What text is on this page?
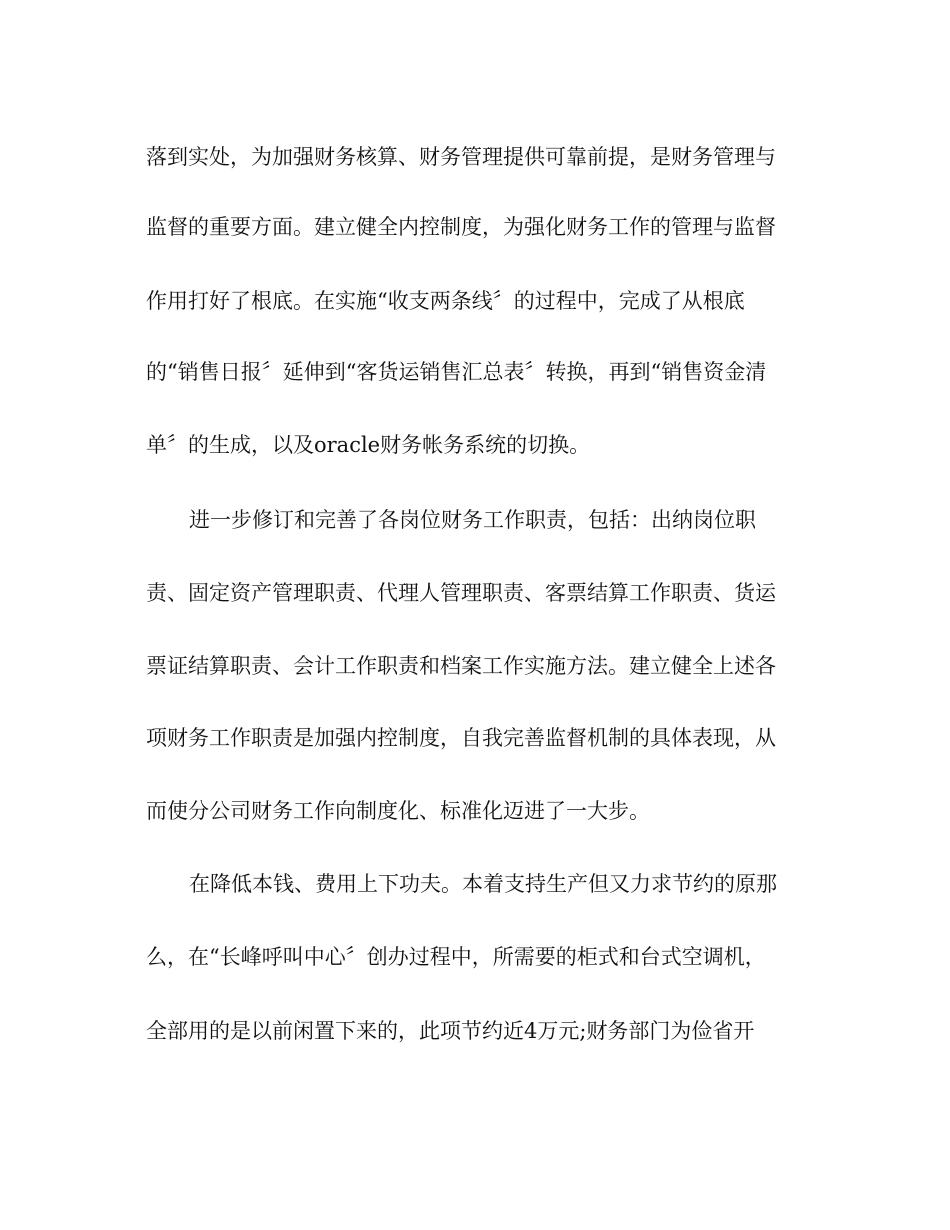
落到实处，为加强财务核算、财务管理提供可靠前提，是财务管理与
监督的重要方面。建立健全内控制度，为强化财务工作的管理与监督
作用打好了根底。在实施“收支两条线〞的过程中，完成了从根底
的“销售日报〞延伸到“客货运销售汇总表〞转换，再到“销售资金清
单〞的生成，以及oracle财务帐务系统的切换。
进一步修订和完善了各岗位财务工作职责，包括：出纳岗位职
责、固定资产管理职责、代理人管理职责、客票结算工作职责、货运
票证结算职责、会计工作职责和档案工作实施方法。建立健全上述各
项财务工作职责是加强内控制度，自我完善监督机制的具体表现，从
而使分公司财务工作向制度化、标准化迈进了一大步。
在降低本钱、费用上下功夫。本着支持生产但又力求节约的原那
么，在“长峰呼叫中心〞创办过程中，所需要的柜式和台式空调机，
全部用的是以前闲置下来的，此项节约近4万元;财务部门为俭省开
